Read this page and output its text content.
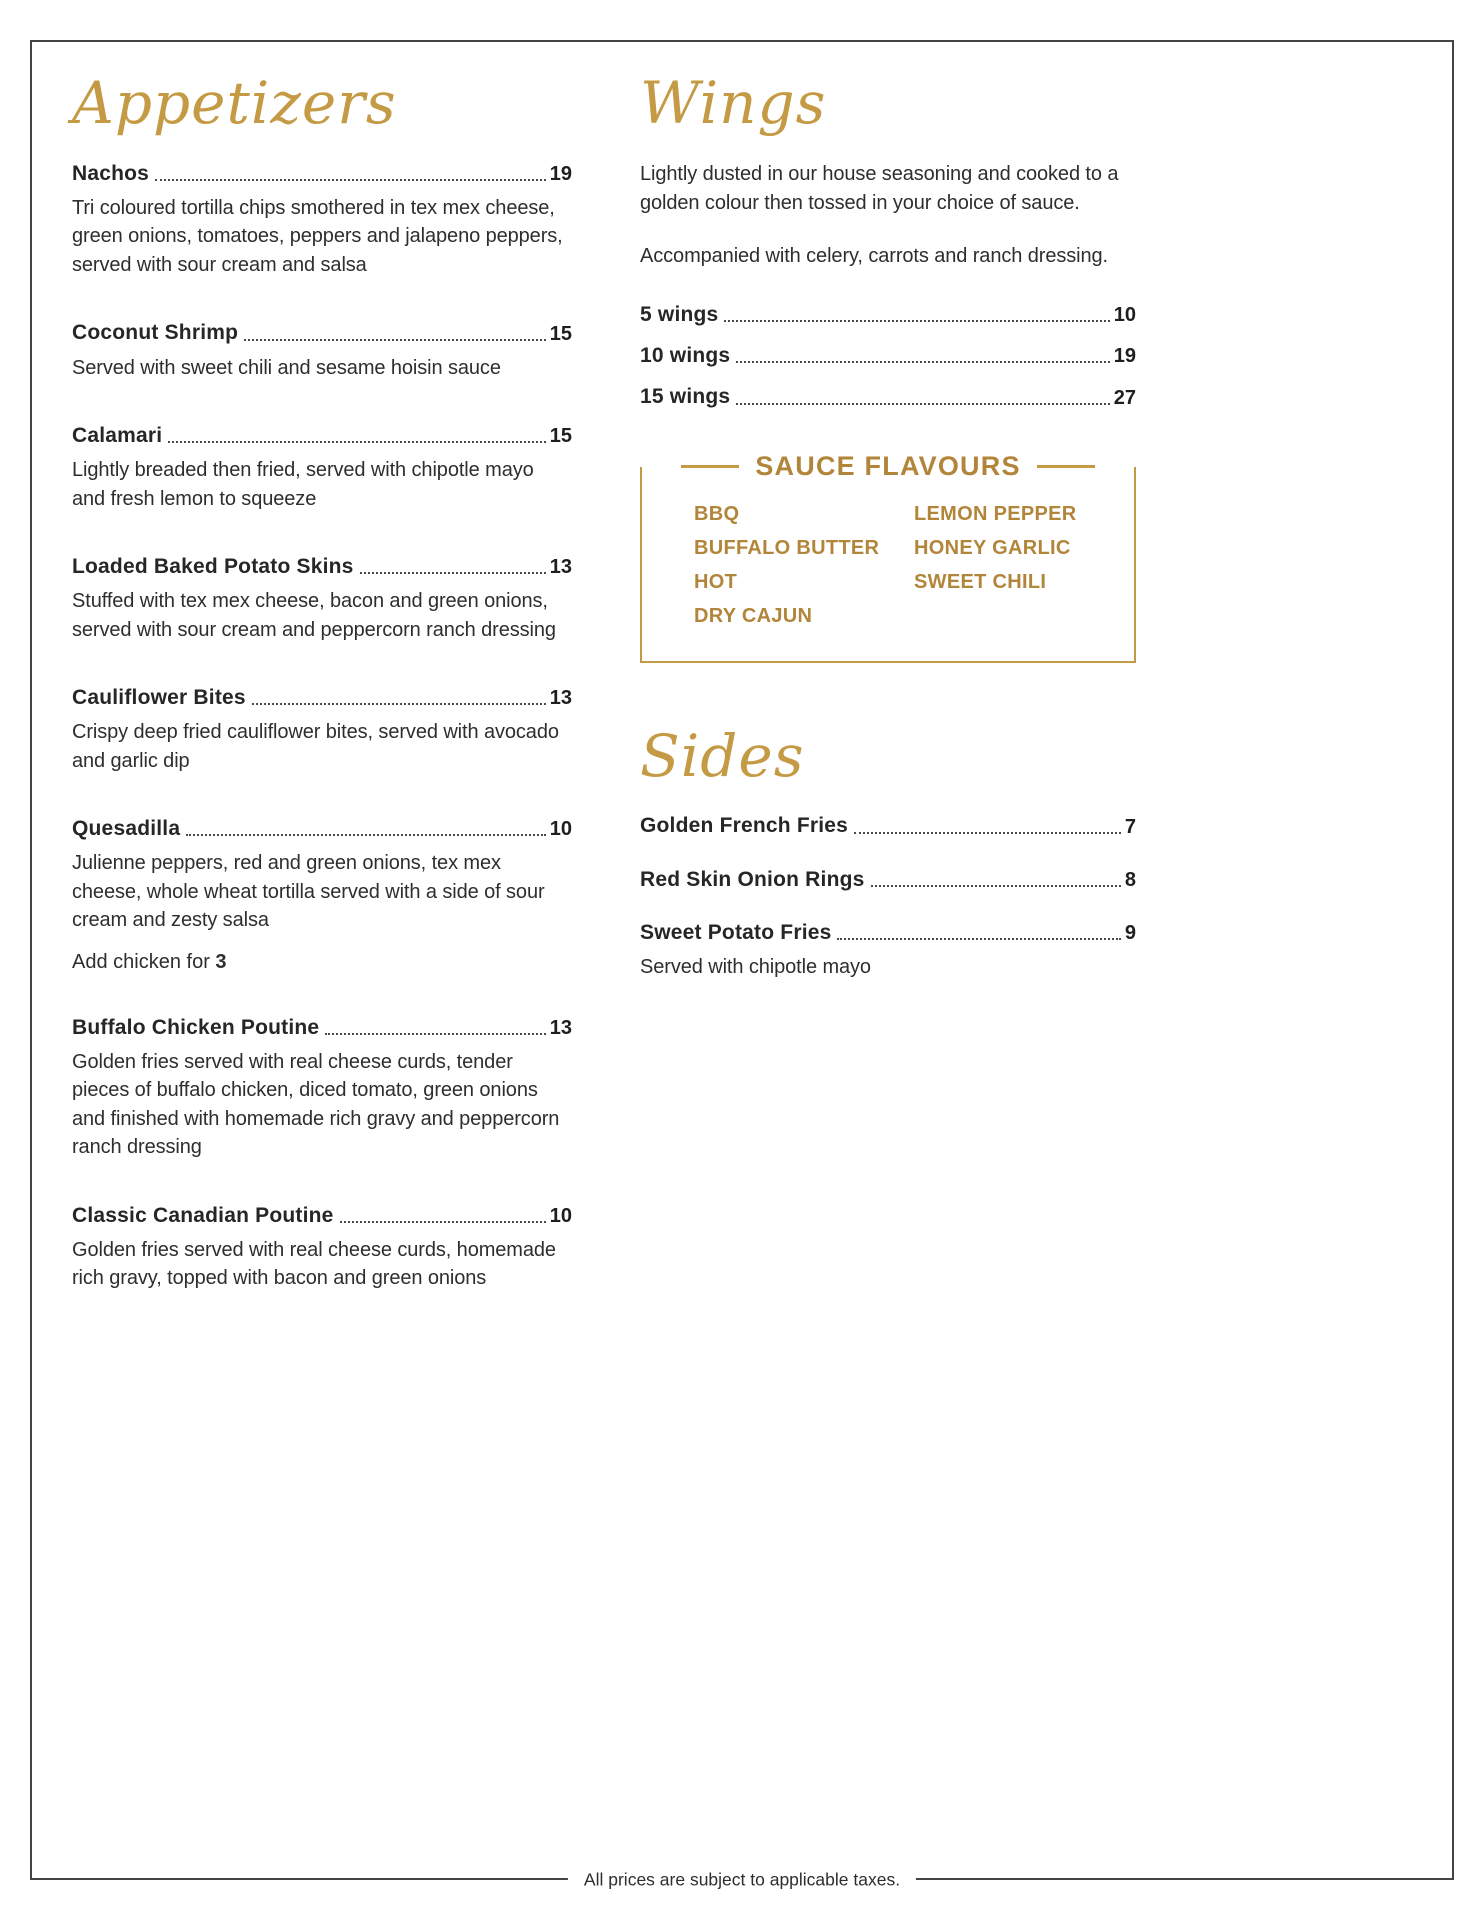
Appetizers
Nachos	19

Tri coloured tortilla chips smothered in tex mex cheese, green onions, tomatoes, peppers and jalapeno peppers, served with sour cream and salsa

Coconut Shrimp	15

Served with sweet chili and sesame hoisin sauce

Calamari	15

Lightly breaded then fried, served with chipotle mayo and fresh lemon to squeeze

Loaded Baked Potato Skins	13

Stuffed with tex mex cheese, bacon and green onions, served with sour cream and peppercorn ranch dressing

Cauliflower Bites	13

Crispy deep fried cauliflower bites, served with avocado and garlic dip

Quesadilla	10

Julienne peppers, red and green onions, tex mex cheese, whole wheat tortilla served with a side of sour cream and zesty salsa

Add chicken for 3

Buffalo Chicken Poutine	13

Golden fries served with real cheese curds, tender pieces of buffalo chicken, diced tomato, green onions and finished with homemade rich gravy and peppercorn ranch dressing

Classic Canadian Poutine	10

Golden fries served with real cheese curds, homemade rich gravy, topped with bacon and green onions

Wings

Lightly dusted in our house seasoning and cooked to a golden colour then tossed in your choice of sauce.

Accompanied with celery, carrots and ranch dressing.

5 wings	10
10 wings	19
15 wings	27
SAUCE FLAVOURS
BBQ
BUFFALO BUTTER
HOT
DRY CAJUN
LEMON PEPPER
HONEY GARLIC
SWEET CHILI
Sides
Golden French Fries	7
Red Skin Onion Rings	8
Sweet Potato Fries	9

Served with chipotle mayo

All prices are subject to applicable taxes.
